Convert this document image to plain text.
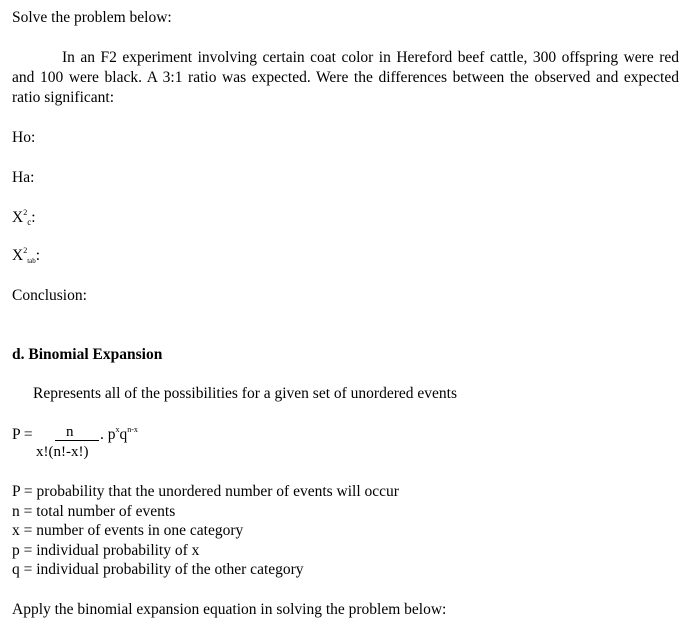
Solve the problem below:
In an F2 experiment involving certain coat color in Hereford beef cattle, 300 offspring were red and 100 were black. A 3:1 ratio was expected. Were the differences between the observed and expected ratio significant:
Ho:
Ha:
$X^2c$:
$X^2tab$:
Conclusion:
d. Binomial Expansion
Represents all of the possibilities for a given set of unordered events
P = n . $p^xq^{n-x}$
x!(n!-x!)
P = probability that the unordered number of events will occur
n = total number of events
x = number of events in one category
p = individual probability of x
q = individual probability of the other category
Apply the binomial expansion equation in solving the problem below:
